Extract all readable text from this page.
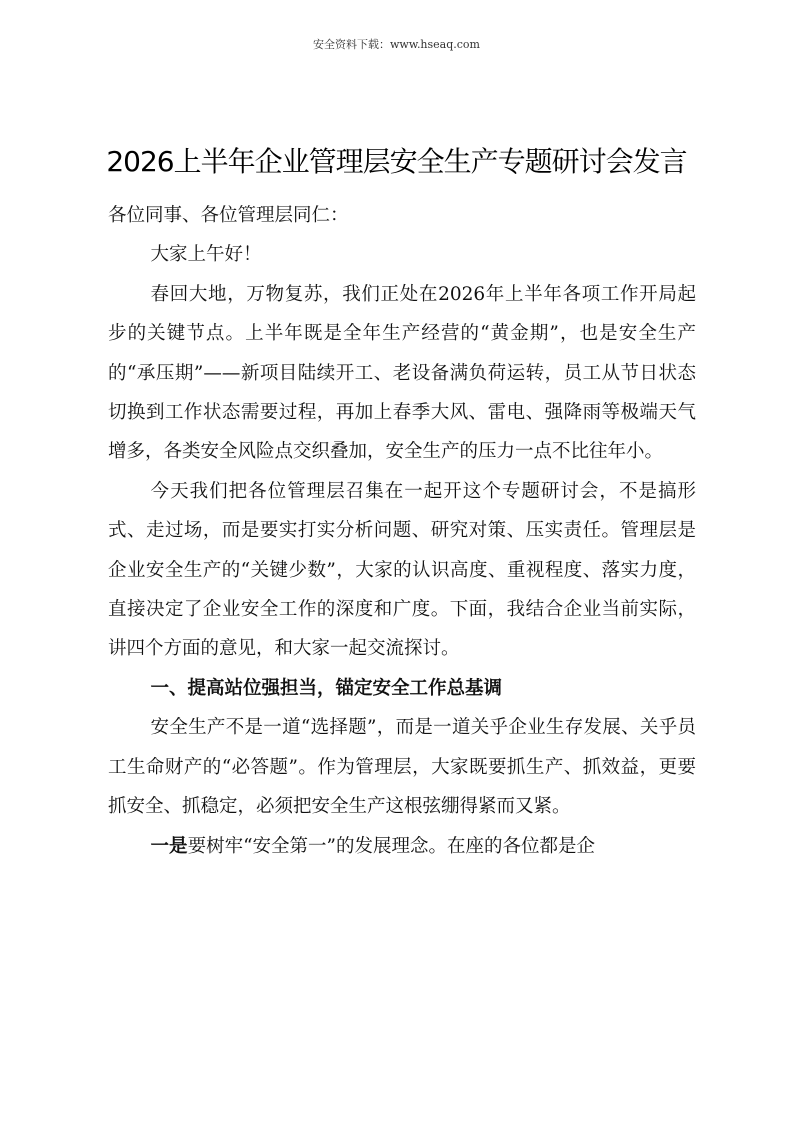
安全资料下载：www.hseaq.com
2026上半年企业管理层安全生产专题研讨会发言

各位同事、各位管理层同仁：

大家上午好！

春回大地，万物复苏，我们正处在2026年上半年各项工作开局起步的关键节点。上半年既是全年生产经营的“黄金期”，也是安全生产的“承压期”——新项目陆续开工、老设备满负荷运转，员工从节日状态切换到工作状态需要过程，再加上春季大风、雷电、强降雨等极端天气增多，各类安全风险点交织叠加，安全生产的压力一点不比往年小。

今天我们把各位管理层召集在一起开这个专题研讨会，不是搞形式、走过场，而是要实打实分析问题、研究对策、压实责任。管理层是企业安全生产的“关键少数”，大家的认识高度、重视程度、落实力度，直接决定了企业安全工作的深度和广度。下面，我结合企业当前实际，讲四个方面的意见，和大家一起交流探讨。

一、提高站位强担当，锚定安全工作总基调

安全生产不是一道“选择题”，而是一道关乎企业生存发展、关乎员工生命财产的“必答题”。作为管理层，大家既要抓生产、抓效益，更要抓安全、抓稳定，必须把安全生产这根弦绷得紧而又紧。

一是要树牢“安全第一”的发展理念。在座的各位都是企
